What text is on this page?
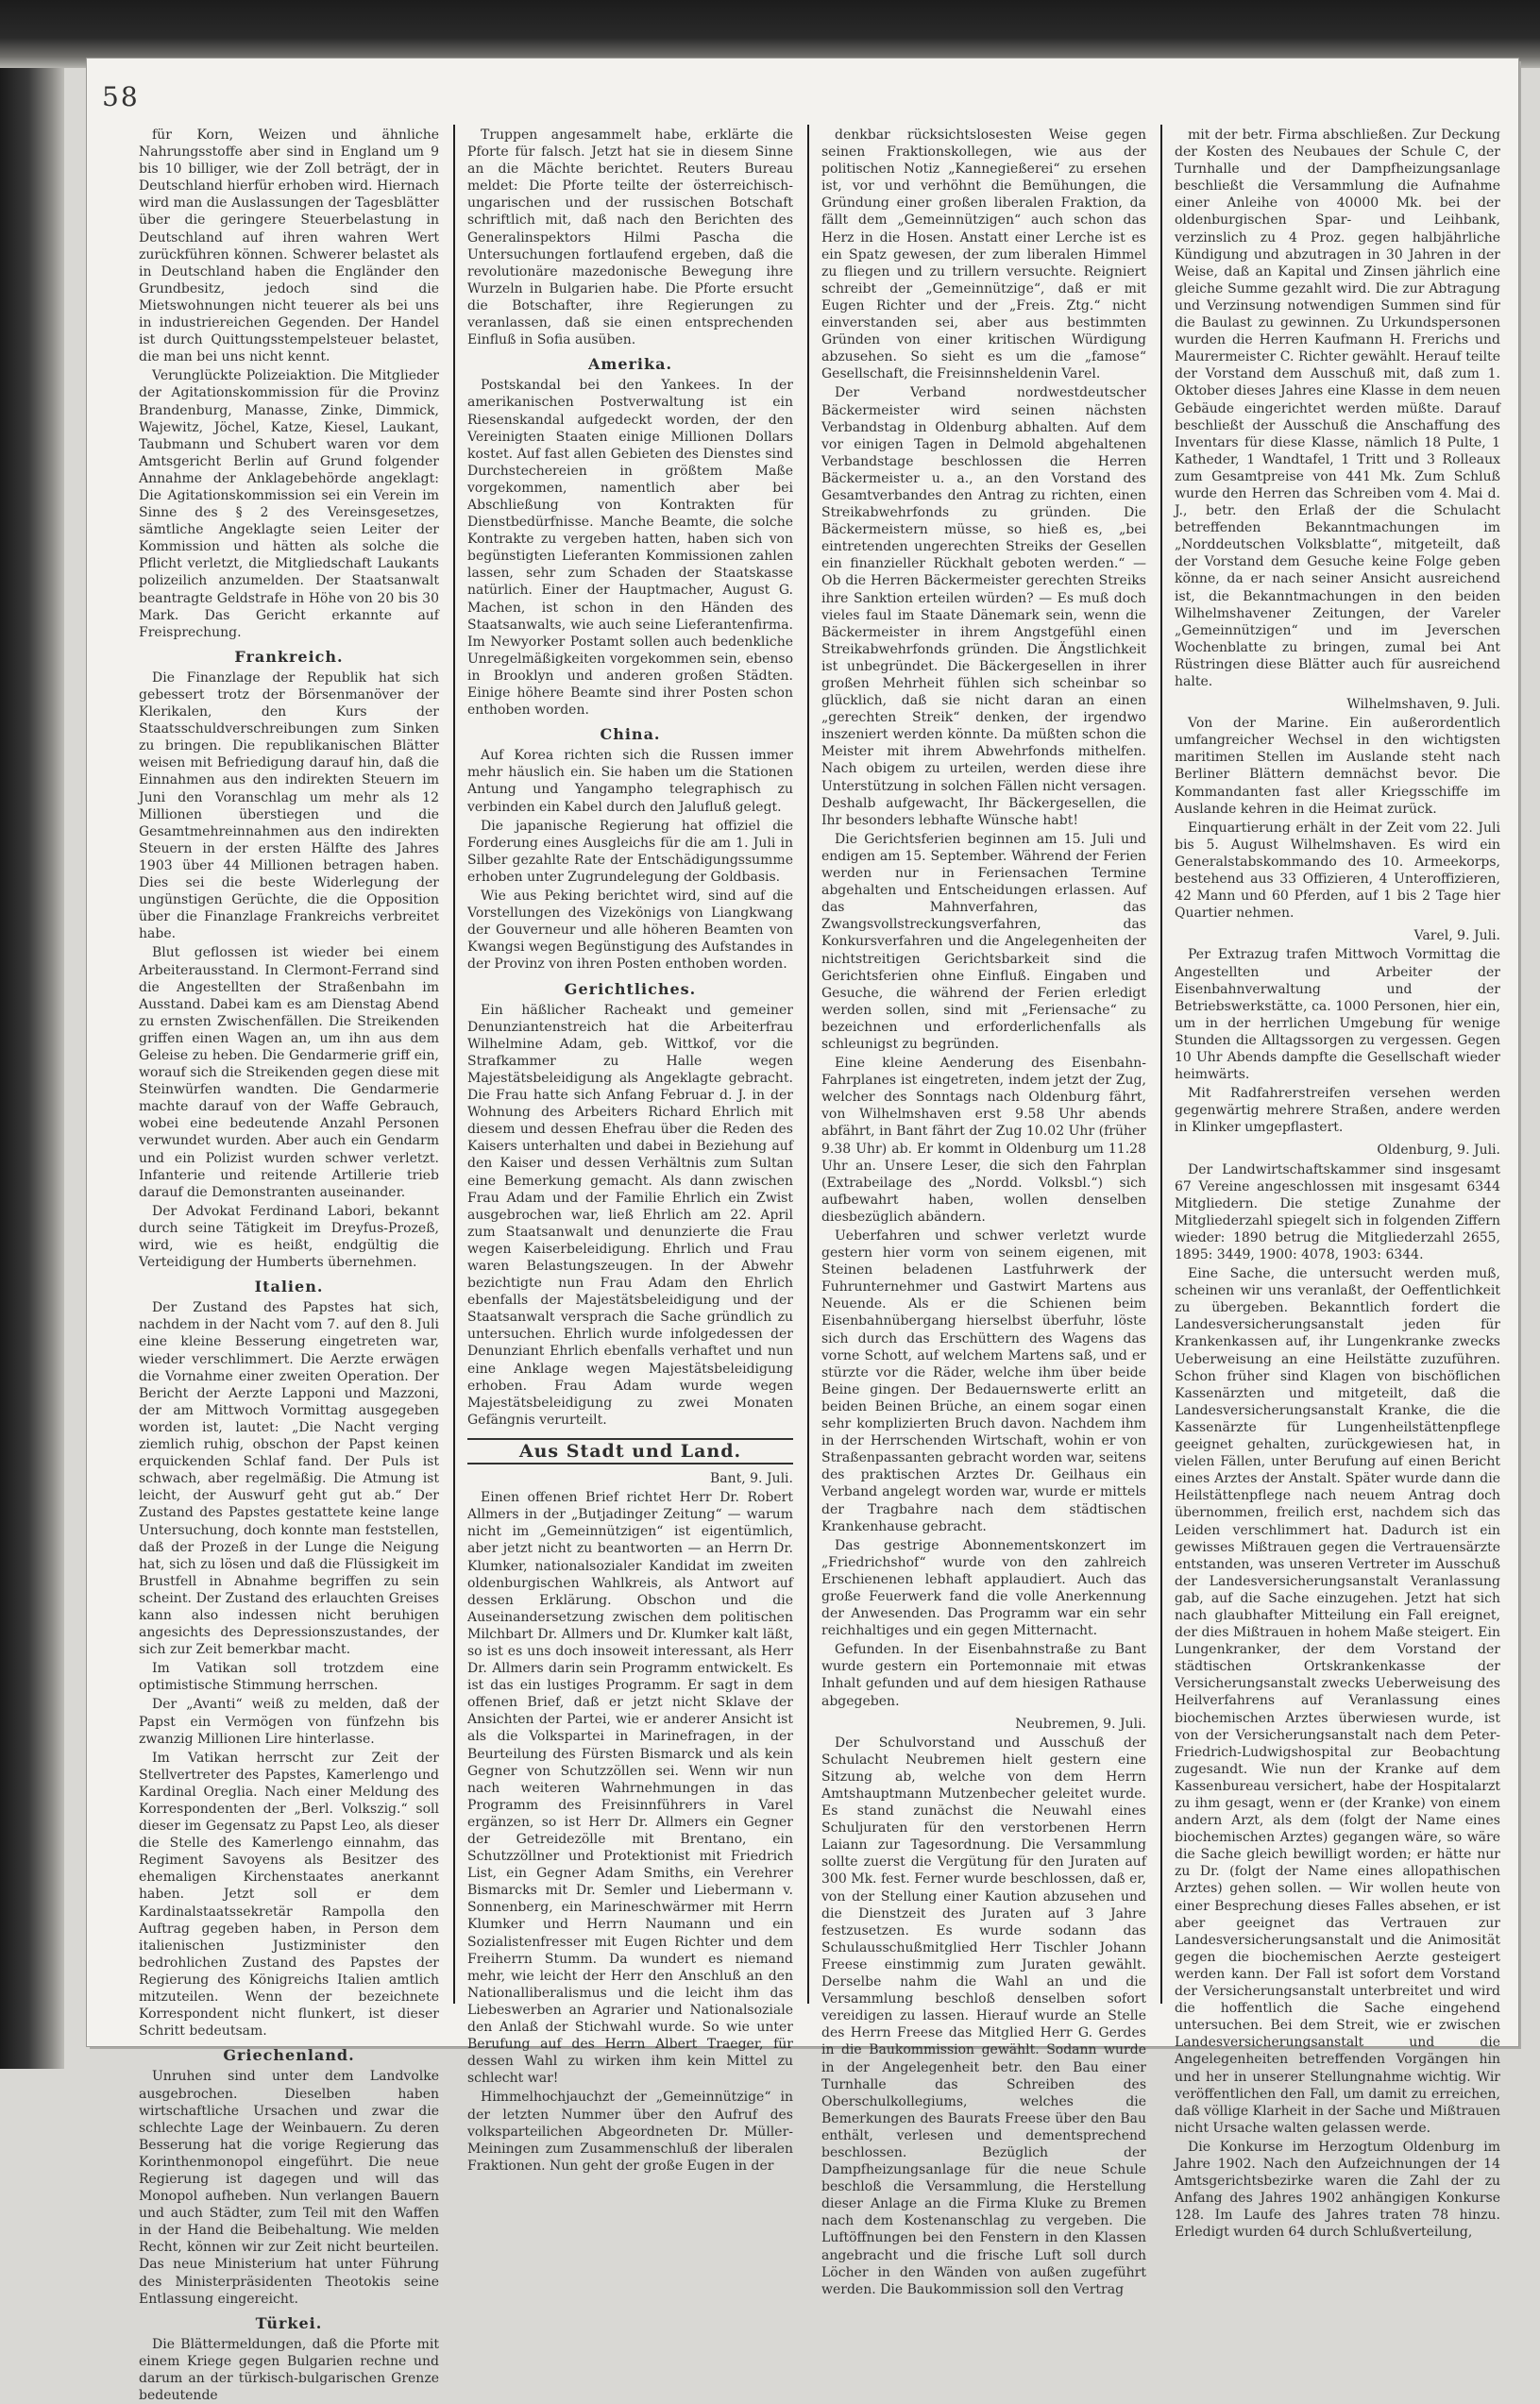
58

für Korn, Weizen und ähnliche Nahrungsstoffe aber sind in England um 9 bis 10 billiger, wie der Zoll beträgt, der in Deutschland hierfür erhoben wird. Hiernach wird man die Auslassungen der Tagesblätter über die geringere Steuerbelastung in Deutschland auf ihren wahren Wert zurückführen können. Schwerer belastet als in Deutschland haben die Engländer den Grundbesitz, jedoch sind die Mietswohnungen nicht teuerer als bei uns in industriereichen Gegenden. Der Handel ist durch Quittungsstempelsteuer belastet, die man bei uns nicht kennt.

Verunglückte Polizeiaktion. Die Mitglieder der Agitationskommission für die Provinz Brandenburg, Manasse, Zinke, Dimmick, Wajewitz, Jöchel, Katze, Kiesel, Laukant, Taubmann und Schubert waren vor dem Amtsgericht Berlin auf Grund folgender Annahme der Anklagebehörde angeklagt: Die Agitationskommission sei ein Verein im Sinne des § 2 des Vereinsgesetzes, sämtliche Angeklagte seien Leiter der Kommission und hätten als solche die Pflicht verletzt, die Mitgliedschaft Laukants polizeilich anzumelden. Der Staatsanwalt beantragte Geldstrafe in Höhe von 20 bis 30 Mark. Das Gericht erkannte auf Freisprechung.

Frankreich.

Die Finanzlage der Republik hat sich gebessert trotz der Börsenmanöver der Klerikalen, den Kurs der Staatsschuldverschreibungen zum Sinken zu bringen. Die republikanischen Blätter weisen mit Befriedigung darauf hin, daß die Einnahmen aus den indirekten Steuern im Juni den Voranschlag um mehr als 12 Millionen überstiegen und die Gesamtmehreinnahmen aus den indirekten Steuern in der ersten Hälfte des Jahres 1903 über 44 Millionen betragen haben. Dies sei die beste Widerlegung der ungünstigen Gerüchte, die die Opposition über die Finanzlage Frankreichs verbreitet habe.

Blut geflossen ist wieder bei einem Arbeiterausstand. In Clermont-Ferrand sind die Angestellten der Straßenbahn im Ausstand. Dabei kam es am Dienstag Abend zu ernsten Zwischenfällen. Die Streikenden griffen einen Wagen an, um ihn aus dem Geleise zu heben. Die Gendarmerie griff ein, worauf sich die Streikenden gegen diese mit Steinwürfen wandten. Die Gendarmerie machte darauf von der Waffe Gebrauch, wobei eine bedeutende Anzahl Personen verwundet wurden. Aber auch ein Gendarm und ein Polizist wurden schwer verletzt. Infanterie und reitende Artillerie trieb darauf die Demonstranten auseinander.

Der Advokat Ferdinand Labori, bekannt durch seine Tätigkeit im Dreyfus-Prozeß, wird, wie es heißt, endgültig die Verteidigung der Humberts übernehmen.

Italien.

Der Zustand des Papstes hat sich, nachdem in der Nacht vom 7. auf den 8. Juli eine kleine Besserung eingetreten war, wieder verschlimmert. Die Aerzte erwägen die Vornahme einer zweiten Operation. Der Bericht der Aerzte Lapponi und Mazzoni, der am Mittwoch Vormittag ausgegeben worden ist, lautet: „Die Nacht verging ziemlich ruhig, obschon der Papst keinen erquickenden Schlaf fand. Der Puls ist schwach, aber regelmäßig. Die Atmung ist leicht, der Auswurf geht gut ab.“ Der Zustand des Papstes gestattete keine lange Untersuchung, doch konnte man feststellen, daß der Prozeß in der Lunge die Neigung hat, sich zu lösen und daß die Flüssigkeit im Brustfell in Abnahme begriffen zu sein scheint. Der Zustand des erlauchten Greises kann also indessen nicht beruhigen angesichts des Depressionszustandes, der sich zur Zeit bemerkbar macht.

Im Vatikan soll trotzdem eine optimistische Stimmung herrschen.

Der „Avanti“ weiß zu melden, daß der Papst ein Vermögen von fünfzehn bis zwanzig Millionen Lire hinterlasse.

Im Vatikan herrscht zur Zeit der Stellvertreter des Papstes, Kamerlengo und Kardinal Oreglia. Nach einer Meldung des Korrespondenten der „Berl. Volkszig.“ soll dieser im Gegensatz zu Papst Leo, als dieser die Stelle des Kamerlengo einnahm, das Regiment Savoyens als Besitzer des ehemaligen Kirchenstaates anerkannt haben. Jetzt soll er dem Kardinalstaatssekretär Rampolla den Auftrag gegeben haben, in Person dem italienischen Justizminister den bedrohlichen Zustand des Papstes der Regierung des Königreichs Italien amtlich mitzuteilen. Wenn der bezeichnete Korrespondent nicht flunkert, ist dieser Schritt bedeutsam.

Griechenland.

Unruhen sind unter dem Landvolke ausgebrochen. Dieselben haben wirtschaftliche Ursachen und zwar die schlechte Lage der Weinbauern. Zu deren Besserung hat die vorige Regierung das Korinthenmonopol eingeführt. Die neue Regierung ist dagegen und will das Monopol aufheben. Nun verlangen Bauern und auch Städter, zum Teil mit den Waffen in der Hand die Beibehaltung. Wie melden Recht, können wir zur Zeit nicht beurteilen. Das neue Ministerium hat unter Führung des Ministerpräsidenten Theotokis seine Entlassung eingereicht.

Türkei.

Die Blättermeldungen, daß die Pforte mit einem Kriege gegen Bulgarien rechne und darum an der türkisch-bulgarischen Grenze bedeutende

Truppen angesammelt habe, erklärte die Pforte für falsch. Jetzt hat sie in diesem Sinne an die Mächte berichtet. Reuters Bureau meldet: Die Pforte teilte der österreichisch-ungarischen und der russischen Botschaft schriftlich mit, daß nach den Berichten des Generalinspektors Hilmi Pascha die Untersuchungen fortlaufend ergeben, daß die revolutionäre mazedonische Bewegung ihre Wurzeln in Bulgarien habe. Die Pforte ersucht die Botschafter, ihre Regierungen zu veranlassen, daß sie einen entsprechenden Einfluß in Sofia ausüben.

Amerika.

Postskandal bei den Yankees. In der amerikanischen Postverwaltung ist ein Riesenskandal aufgedeckt worden, der den Vereinigten Staaten einige Millionen Dollars kostet. Auf fast allen Gebieten des Dienstes sind Durchstechereien in größtem Maße vorgekommen, namentlich aber bei Abschließung von Kontrakten für Dienstbedürfnisse. Manche Beamte, die solche Kontrakte zu vergeben hatten, haben sich von begünstigten Lieferanten Kommissionen zahlen lassen, sehr zum Schaden der Staatskasse natürlich. Einer der Hauptmacher, August G. Machen, ist schon in den Händen des Staatsanwalts, wie auch seine Lieferantenfirma. Im Newyorker Postamt sollen auch bedenkliche Unregelmäßigkeiten vorgekommen sein, ebenso in Brooklyn und anderen großen Städten. Einige höhere Beamte sind ihrer Posten schon enthoben worden.

China.

Auf Korea richten sich die Russen immer mehr häuslich ein. Sie haben um die Stationen Antung und Yangampho telegraphisch zu verbinden ein Kabel durch den Jalufluß gelegt.

Die japanische Regierung hat offiziel die Forderung eines Ausgleichs für die am 1. Juli in Silber gezahlte Rate der Entschädigungssumme erhoben unter Zugrundelegung der Goldbasis.

Wie aus Peking berichtet wird, sind auf die Vorstellungen des Vizekönigs von Liangkwang der Gouverneur und alle höheren Beamten von Kwangsi wegen Begünstigung des Aufstandes in der Provinz von ihren Posten enthoben worden.

Gerichtliches.

Ein häßlicher Racheakt und gemeiner Denunziantenstreich hat die Arbeiterfrau Wilhelmine Adam, geb. Wittkof, vor die Strafkammer zu Halle wegen Majestätsbeleidigung als Angeklagte gebracht. Die Frau hatte sich Anfang Februar d. J. in der Wohnung des Arbeiters Richard Ehrlich mit diesem und dessen Ehefrau über die Reden des Kaisers unterhalten und dabei in Beziehung auf den Kaiser und dessen Verhältnis zum Sultan eine Bemerkung gemacht. Als dann zwischen Frau Adam und der Familie Ehrlich ein Zwist ausgebrochen war, ließ Ehrlich am 22. April zum Staatsanwalt und denunzierte die Frau wegen Kaiserbeleidigung. Ehrlich und Frau waren Belastungszeugen. In der Abwehr bezichtigte nun Frau Adam den Ehrlich ebenfalls der Majestätsbeleidigung und der Staatsanwalt versprach die Sache gründlich zu untersuchen. Ehrlich wurde infolgedessen der Denunziant Ehrlich ebenfalls verhaftet und nun eine Anklage wegen Majestätsbeleidigung erhoben. Frau Adam wurde wegen Majestätsbeleidigung zu zwei Monaten Gefängnis verurteilt.

Aus Stadt und Land.
Bant, 9. Juli.

Einen offenen Brief richtet Herr Dr. Robert Allmers in der „Butjadinger Zeitung“ — warum nicht im „Gemeinnützigen“ ist eigentümlich, aber jetzt nicht zu beantworten — an Herrn Dr. Klumker, nationalsozialer Kandidat im zweiten oldenburgischen Wahlkreis, als Antwort auf dessen Erklärung. Obschon und die Auseinandersetzung zwischen dem politischen Milchbart Dr. Allmers und Dr. Klumker kalt läßt, so ist es uns doch insoweit interessant, als Herr Dr. Allmers darin sein Programm entwickelt. Es ist das ein lustiges Programm. Er sagt in dem offenen Brief, daß er jetzt nicht Sklave der Ansichten der Partei, wie er anderer Ansicht ist als die Volkspartei in Marinefragen, in der Beurteilung des Fürsten Bismarck und als kein Gegner von Schutzzöllen sei. Wenn wir nun nach weiteren Wahrnehmungen in das Programm des Freisinnführers in Varel ergänzen, so ist Herr Dr. Allmers ein Gegner der Getreidezölle mit Brentano, ein Schutzzöllner und Protektionist mit Friedrich List, ein Gegner Adam Smiths, ein Verehrer Bismarcks mit Dr. Semler und Liebermann v. Sonnenberg, ein Marineschwärmer mit Herrn Klumker und Herrn Naumann und ein Sozialistenfresser mit Eugen Richter und dem Freiherrn Stumm. Da wundert es niemand mehr, wie leicht der Herr den Anschluß an den Nationalliberalismus und die leicht ihm das Liebeswerben an Agrarier und Nationalsoziale den Anlaß der Stichwahl wurde. So wie unter Berufung auf des Herrn Albert Traeger, für dessen Wahl zu wirken ihm kein Mittel zu schlecht war!

Himmelhochjauchzt der „Gemeinnützige“ in der letzten Nummer über den Aufruf des volksparteilichen Abgeordneten Dr. Müller-Meiningen zum Zusammenschluß der liberalen Fraktionen. Nun geht der große Eugen in der

denkbar rücksichtslosesten Weise gegen seinen Fraktionskollegen, wie aus der politischen Notiz „Kannegießerei“ zu ersehen ist, vor und verhöhnt die Bemühungen, die Gründung einer großen liberalen Fraktion, da fällt dem „Gemeinnützigen“ auch schon das Herz in die Hosen. Anstatt einer Lerche ist es ein Spatz gewesen, der zum liberalen Himmel zu fliegen und zu trillern versuchte. Reigniert schreibt der „Gemeinnützige“, daß er mit Eugen Richter und der „Freis. Ztg.“ nicht einverstanden sei, aber aus bestimmten Gründen von einer kritischen Würdigung abzusehen. So sieht es um die „famose“ Gesellschaft, die Freisinnsheldenin Varel.

Der Verband nordwestdeutscher Bäckermeister wird seinen nächsten Verbandstag in Oldenburg abhalten. Auf dem vor einigen Tagen in Delmold abgehaltenen Verbandstage beschlossen die Herren Bäckermeister u. a., an den Vorstand des Gesamtverbandes den Antrag zu richten, einen Streikabwehrfonds zu gründen. Die Bäckermeistern müsse, so hieß es, „bei eintretenden ungerechten Streiks der Gesellen ein finanzieller Rückhalt geboten werden.“ — Ob die Herren Bäckermeister gerechten Streiks ihre Sanktion erteilen würden? — Es muß doch vieles faul im Staate Dänemark sein, wenn die Bäckermeister in ihrem Angstgefühl einen Streikabwehrfonds gründen. Die Ängstlichkeit ist unbegründet. Die Bäckergesellen in ihrer großen Mehrheit fühlen sich scheinbar so glücklich, daß sie nicht daran an einen „gerechten Streik“ denken, der irgendwo inszeniert werden könnte. Da müßten schon die Meister mit ihrem Abwehrfonds mithelfen. Nach obigem zu urteilen, werden diese ihre Unterstützung in solchen Fällen nicht versagen. Deshalb aufgewacht, Ihr Bäckergesellen, die Ihr besonders lebhafte Wünsche habt!

Die Gerichtsferien beginnen am 15. Juli und endigen am 15. September. Während der Ferien werden nur in Feriensachen Termine abgehalten und Entscheidungen erlassen. Auf das Mahnverfahren, das Zwangsvollstreckungsverfahren, das Konkursverfahren und die Angelegenheiten der nichtstreitigen Gerichtsbarkeit sind die Gerichtsferien ohne Einfluß. Eingaben und Gesuche, die während der Ferien erledigt werden sollen, sind mit „Feriensache“ zu bezeichnen und erforderlichenfalls als schleunigst zu begründen.

Eine kleine Aenderung des Eisenbahn-Fahrplanes ist eingetreten, indem jetzt der Zug, welcher des Sonntags nach Oldenburg fährt, von Wilhelmshaven erst 9.58 Uhr abends abfährt, in Bant fährt der Zug 10.02 Uhr (früher 9.38 Uhr) ab. Er kommt in Oldenburg um 11.28 Uhr an. Unsere Leser, die sich den Fahrplan (Extrabeilage des „Nordd. Volksbl.“) sich aufbewahrt haben, wollen denselben diesbezüglich abändern.

Ueberfahren und schwer verletzt wurde gestern hier vorm von seinem eigenen, mit Steinen beladenen Lastfuhrwerk der Fuhrunternehmer und Gastwirt Martens aus Neuende. Als er die Schienen beim Eisenbahnübergang hierselbst überfuhr, löste sich durch das Erschüttern des Wagens das vorne Schott, auf welchem Martens saß, und er stürzte vor die Räder, welche ihm über beide Beine gingen. Der Bedauernswerte erlitt an beiden Beinen Brüche, an einem sogar einen sehr komplizierten Bruch davon. Nachdem ihm in der Herrschenden Wirtschaft, wohin er von Straßenpassanten gebracht worden war, seitens des praktischen Arztes Dr. Geilhaus ein Verband angelegt worden war, wurde er mittels der Tragbahre nach dem städtischen Krankenhause gebracht.

Das gestrige Abonnementskonzert im „Friedrichshof“ wurde von den zahlreich Erschienenen lebhaft applaudiert. Auch das große Feuerwerk fand die volle Anerkennung der Anwesenden. Das Programm war ein sehr reichhaltiges und ein gegen Mitternacht.

Gefunden. In der Eisenbahnstraße zu Bant wurde gestern ein Portemonnaie mit etwas Inhalt gefunden und auf dem hiesigen Rathause abgegeben.

Neubremen, 9. Juli.

Der Schulvorstand und Ausschuß der Schulacht Neubremen hielt gestern eine Sitzung ab, welche von dem Herrn Amtshauptmann Mutzenbecher geleitet wurde. Es stand zunächst die Neuwahl eines Schuljuraten für den verstorbenen Herrn Laiann zur Tagesordnung. Die Versammlung sollte zuerst die Vergütung für den Juraten auf 300 Mk. fest. Ferner wurde beschlossen, daß er, von der Stellung einer Kaution abzusehen und die Dienstzeit des Juraten auf 3 Jahre festzusetzen. Es wurde sodann das Schulausschußmitglied Herr Tischler Johann Freese einstimmig zum Juraten gewählt. Derselbe nahm die Wahl an und die Versammlung beschloß denselben sofort vereidigen zu lassen. Hierauf wurde an Stelle des Herrn Freese das Mitglied Herr G. Gerdes in die Baukommission gewählt. Sodann wurde in der Angelegenheit betr. den Bau einer Turnhalle das Schreiben des Oberschulkollegiums, welches die Bemerkungen des Baurats Freese über den Bau enthält, verlesen und dementsprechend beschlossen. Bezüglich der Dampfheizungsanlage für die neue Schule beschloß die Versammlung, die Herstellung dieser Anlage an die Firma Kluke zu Bremen nach dem Kostenanschlag zu vergeben. Die Luftöffnungen bei den Fenstern in den Klassen angebracht und die frische Luft soll durch Löcher in den Wänden von außen zugeführt werden. Die Baukommission soll den Vertrag

mit der betr. Firma abschließen. Zur Deckung der Kosten des Neubaues der Schule C, der Turnhalle und der Dampfheizungsanlage beschließt die Versammlung die Aufnahme einer Anleihe von 40000 Mk. bei der oldenburgischen Spar- und Leihbank, verzinslich zu 4 Proz. gegen halbjährliche Kündigung und abzutragen in 30 Jahren in der Weise, daß an Kapital und Zinsen jährlich eine gleiche Summe gezahlt wird. Die zur Abtragung und Verzinsung notwendigen Summen sind für die Baulast zu gewinnen. Zu Urkundspersonen wurden die Herren Kaufmann H. Frerichs und Maurermeister C. Richter gewählt. Herauf teilte der Vorstand dem Ausschuß mit, daß zum 1. Oktober dieses Jahres eine Klasse in dem neuen Gebäude eingerichtet werden müßte. Darauf beschließt der Ausschuß die Anschaffung des Inventars für diese Klasse, nämlich 18 Pulte, 1 Katheder, 1 Wandtafel, 1 Tritt und 3 Rolleaux zum Gesamtpreise von 441 Mk. Zum Schluß wurde den Herren das Schreiben vom 4. Mai d. J., betr. den Erlaß der die Schulacht betreffenden Bekanntmachungen im „Norddeutschen Volksblatte“, mitgeteilt, daß der Vorstand dem Gesuche keine Folge geben könne, da er nach seiner Ansicht ausreichend ist, die Bekanntmachungen in den beiden Wilhelmshavener Zeitungen, der Vareler „Gemeinnützigen“ und im Jeverschen Wochenblatte zu bringen, zumal bei Ant Rüstringen diese Blätter auch für ausreichend halte.

Wilhelmshaven, 9. Juli.

Von der Marine. Ein außerordentlich umfangreicher Wechsel in den wichtigsten maritimen Stellen im Auslande steht nach Berliner Blättern demnächst bevor. Die Kommandanten fast aller Kriegsschiffe im Auslande kehren in die Heimat zurück.

Einquartierung erhält in der Zeit vom 22. Juli bis 5. August Wilhelmshaven. Es wird ein Generalstabskommando des 10. Armeekorps, bestehend aus 33 Offizieren, 4 Unteroffizieren, 42 Mann und 60 Pferden, auf 1 bis 2 Tage hier Quartier nehmen.

Varel, 9. Juli.

Per Extrazug trafen Mittwoch Vormittag die Angestellten und Arbeiter der Eisenbahnverwaltung und der Betriebswerkstätte, ca. 1000 Personen, hier ein, um in der herrlichen Umgebung für wenige Stunden die Alltagssorgen zu vergessen. Gegen 10 Uhr Abends dampfte die Gesellschaft wieder heimwärts.

Mit Radfahrerstreifen versehen werden gegenwärtig mehrere Straßen, andere werden in Klinker umgepflastert.

Oldenburg, 9. Juli.

Der Landwirtschaftskammer sind insgesamt 67 Vereine angeschlossen mit insgesamt 6344 Mitgliedern. Die stetige Zunahme der Mitgliederzahl spiegelt sich in folgenden Ziffern wieder: 1890 betrug die Mitgliederzahl 2655, 1895: 3449, 1900: 4078, 1903: 6344.

Eine Sache, die untersucht werden muß, scheinen wir uns veranlaßt, der Oeffentlichkeit zu übergeben. Bekanntlich fordert die Landesversicherungsanstalt jeden für Krankenkassen auf, ihr Lungenkranke zwecks Ueberweisung an eine Heilstätte zuzuführen. Schon früher sind Klagen von bischöflichen Kassenärzten und mitgeteilt, daß die Landesversicherungsanstalt Kranke, die die Kassenärzte für Lungenheilstättenpflege geeignet gehalten, zurückgewiesen hat, in vielen Fällen, unter Berufung auf einen Bericht eines Arztes der Anstalt. Später wurde dann die Heilstättenpflege nach neuem Antrag doch übernommen, freilich erst, nachdem sich das Leiden verschlimmert hat. Dadurch ist ein gewisses Mißtrauen gegen die Vertrauensärzte entstanden, was unseren Vertreter im Ausschuß der Landesversicherungsanstalt Veranlassung gab, auf die Sache einzugehen. Jetzt hat sich nach glaubhafter Mitteilung ein Fall ereignet, der dies Mißtrauen in hohem Maße steigert. Ein Lungenkranker, der dem Vorstand der städtischen Ortskrankenkasse der Versicherungsanstalt zwecks Ueberweisung des Heilverfahrens auf Veranlassung eines biochemischen Arztes überwiesen wurde, ist von der Versicherungsanstalt nach dem Peter-Friedrich-Ludwigshospital zur Beobachtung zugesandt. Wie nun der Kranke auf dem Kassenbureau versichert, habe der Hospitalarzt zu ihm gesagt, wenn er (der Kranke) von einem andern Arzt, als dem (folgt der Name eines biochemischen Arztes) gegangen wäre, so wäre die Sache gleich bewilligt worden; er hätte nur zu Dr. (folgt der Name eines allopathischen Arztes) gehen sollen. — Wir wollen heute von einer Besprechung dieses Falles absehen, er ist aber geeignet das Vertrauen zur Landesversicherungsanstalt und die Animosität gegen die biochemischen Aerzte gesteigert werden kann. Der Fall ist sofort dem Vorstand der Versicherungsanstalt unterbreitet und wird die hoffentlich die Sache eingehend untersuchen. Bei dem Streit, wie er zwischen Landesversicherungsanstalt und die Angelegenheiten betreffenden Vorgängen hin und her in unserer Stellungnahme wichtig. Wir veröffentlichen den Fall, um damit zu erreichen, daß völlige Klarheit in der Sache und Mißtrauen nicht Ursache walten gelassen werde.

Die Konkurse im Herzogtum Oldenburg im Jahre 1902. Nach den Aufzeichnungen der 14 Amtsgerichtsbezirke waren die Zahl der zu Anfang des Jahres 1902 anhängigen Konkurse 128. Im Laufe des Jahres traten 78 hinzu. Erledigt wurden 64 durch Schlußverteilung,
